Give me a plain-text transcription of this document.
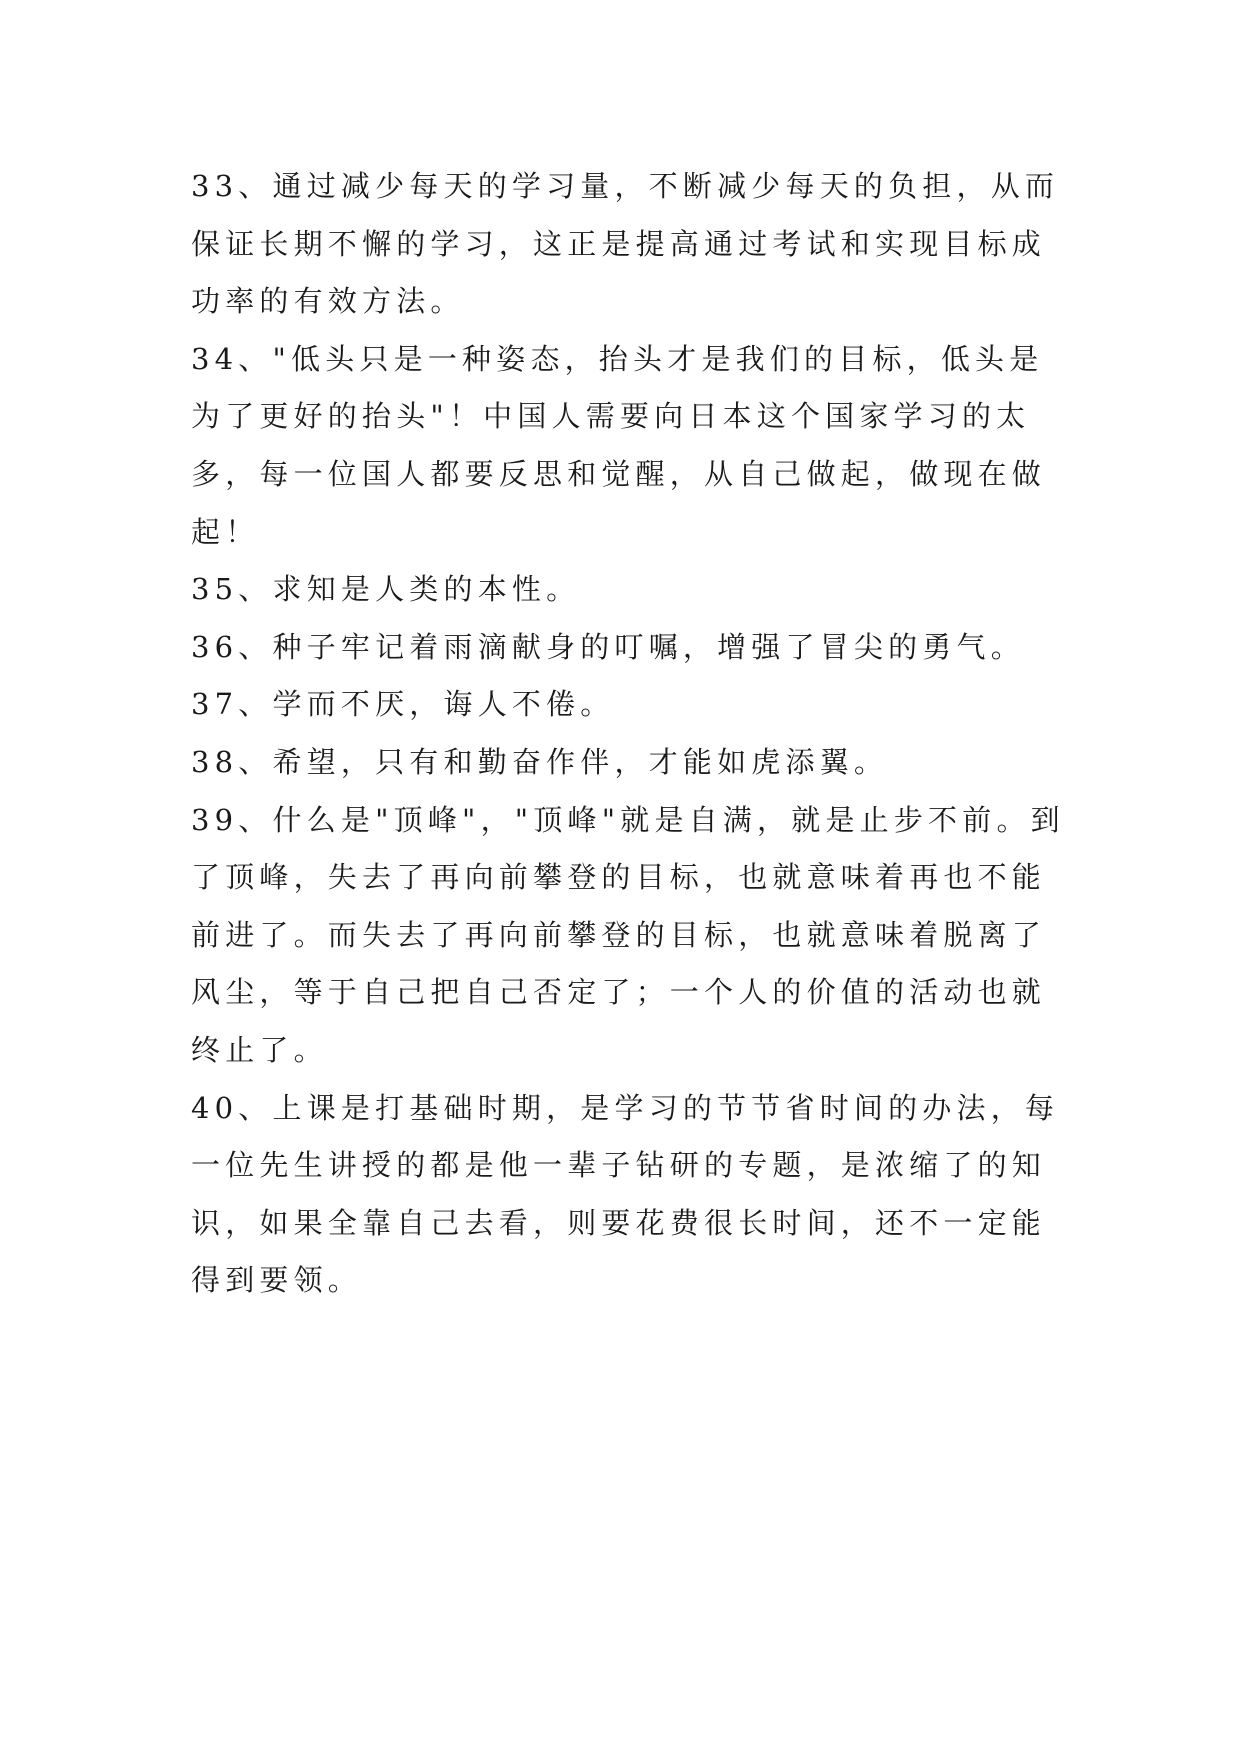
33、通过减少每天的学习量，不断减少每天的负担，从而保证长期不懈的学习，这正是提高通过考试和实现目标成功率的有效方法。

34、"低头只是一种姿态，抬头才是我们的目标，低头是为了更好的抬头"！中国人需要向日本这个国家学习的太多，每一位国人都要反思和觉醒，从自己做起，做现在做起！

35、求知是人类的本性。

36、种子牢记着雨滴献身的叮嘱，增强了冒尖的勇气。

37、学而不厌，诲人不倦。

38、希望，只有和勤奋作伴，才能如虎添翼。

39、什么是"顶峰"，"顶峰"就是自满，就是止步不前。到了顶峰，失去了再向前攀登的目标，也就意味着再也不能前进了。而失去了再向前攀登的目标，也就意味着脱离了风尘，等于自己把自己否定了；一个人的价值的活动也就终止了。

40、上课是打基础时期，是学习的节节省时间的办法，每一位先生讲授的都是他一辈子钻研的专题，是浓缩了的知识，如果全靠自己去看，则要花费很长时间，还不一定能得到要领。
